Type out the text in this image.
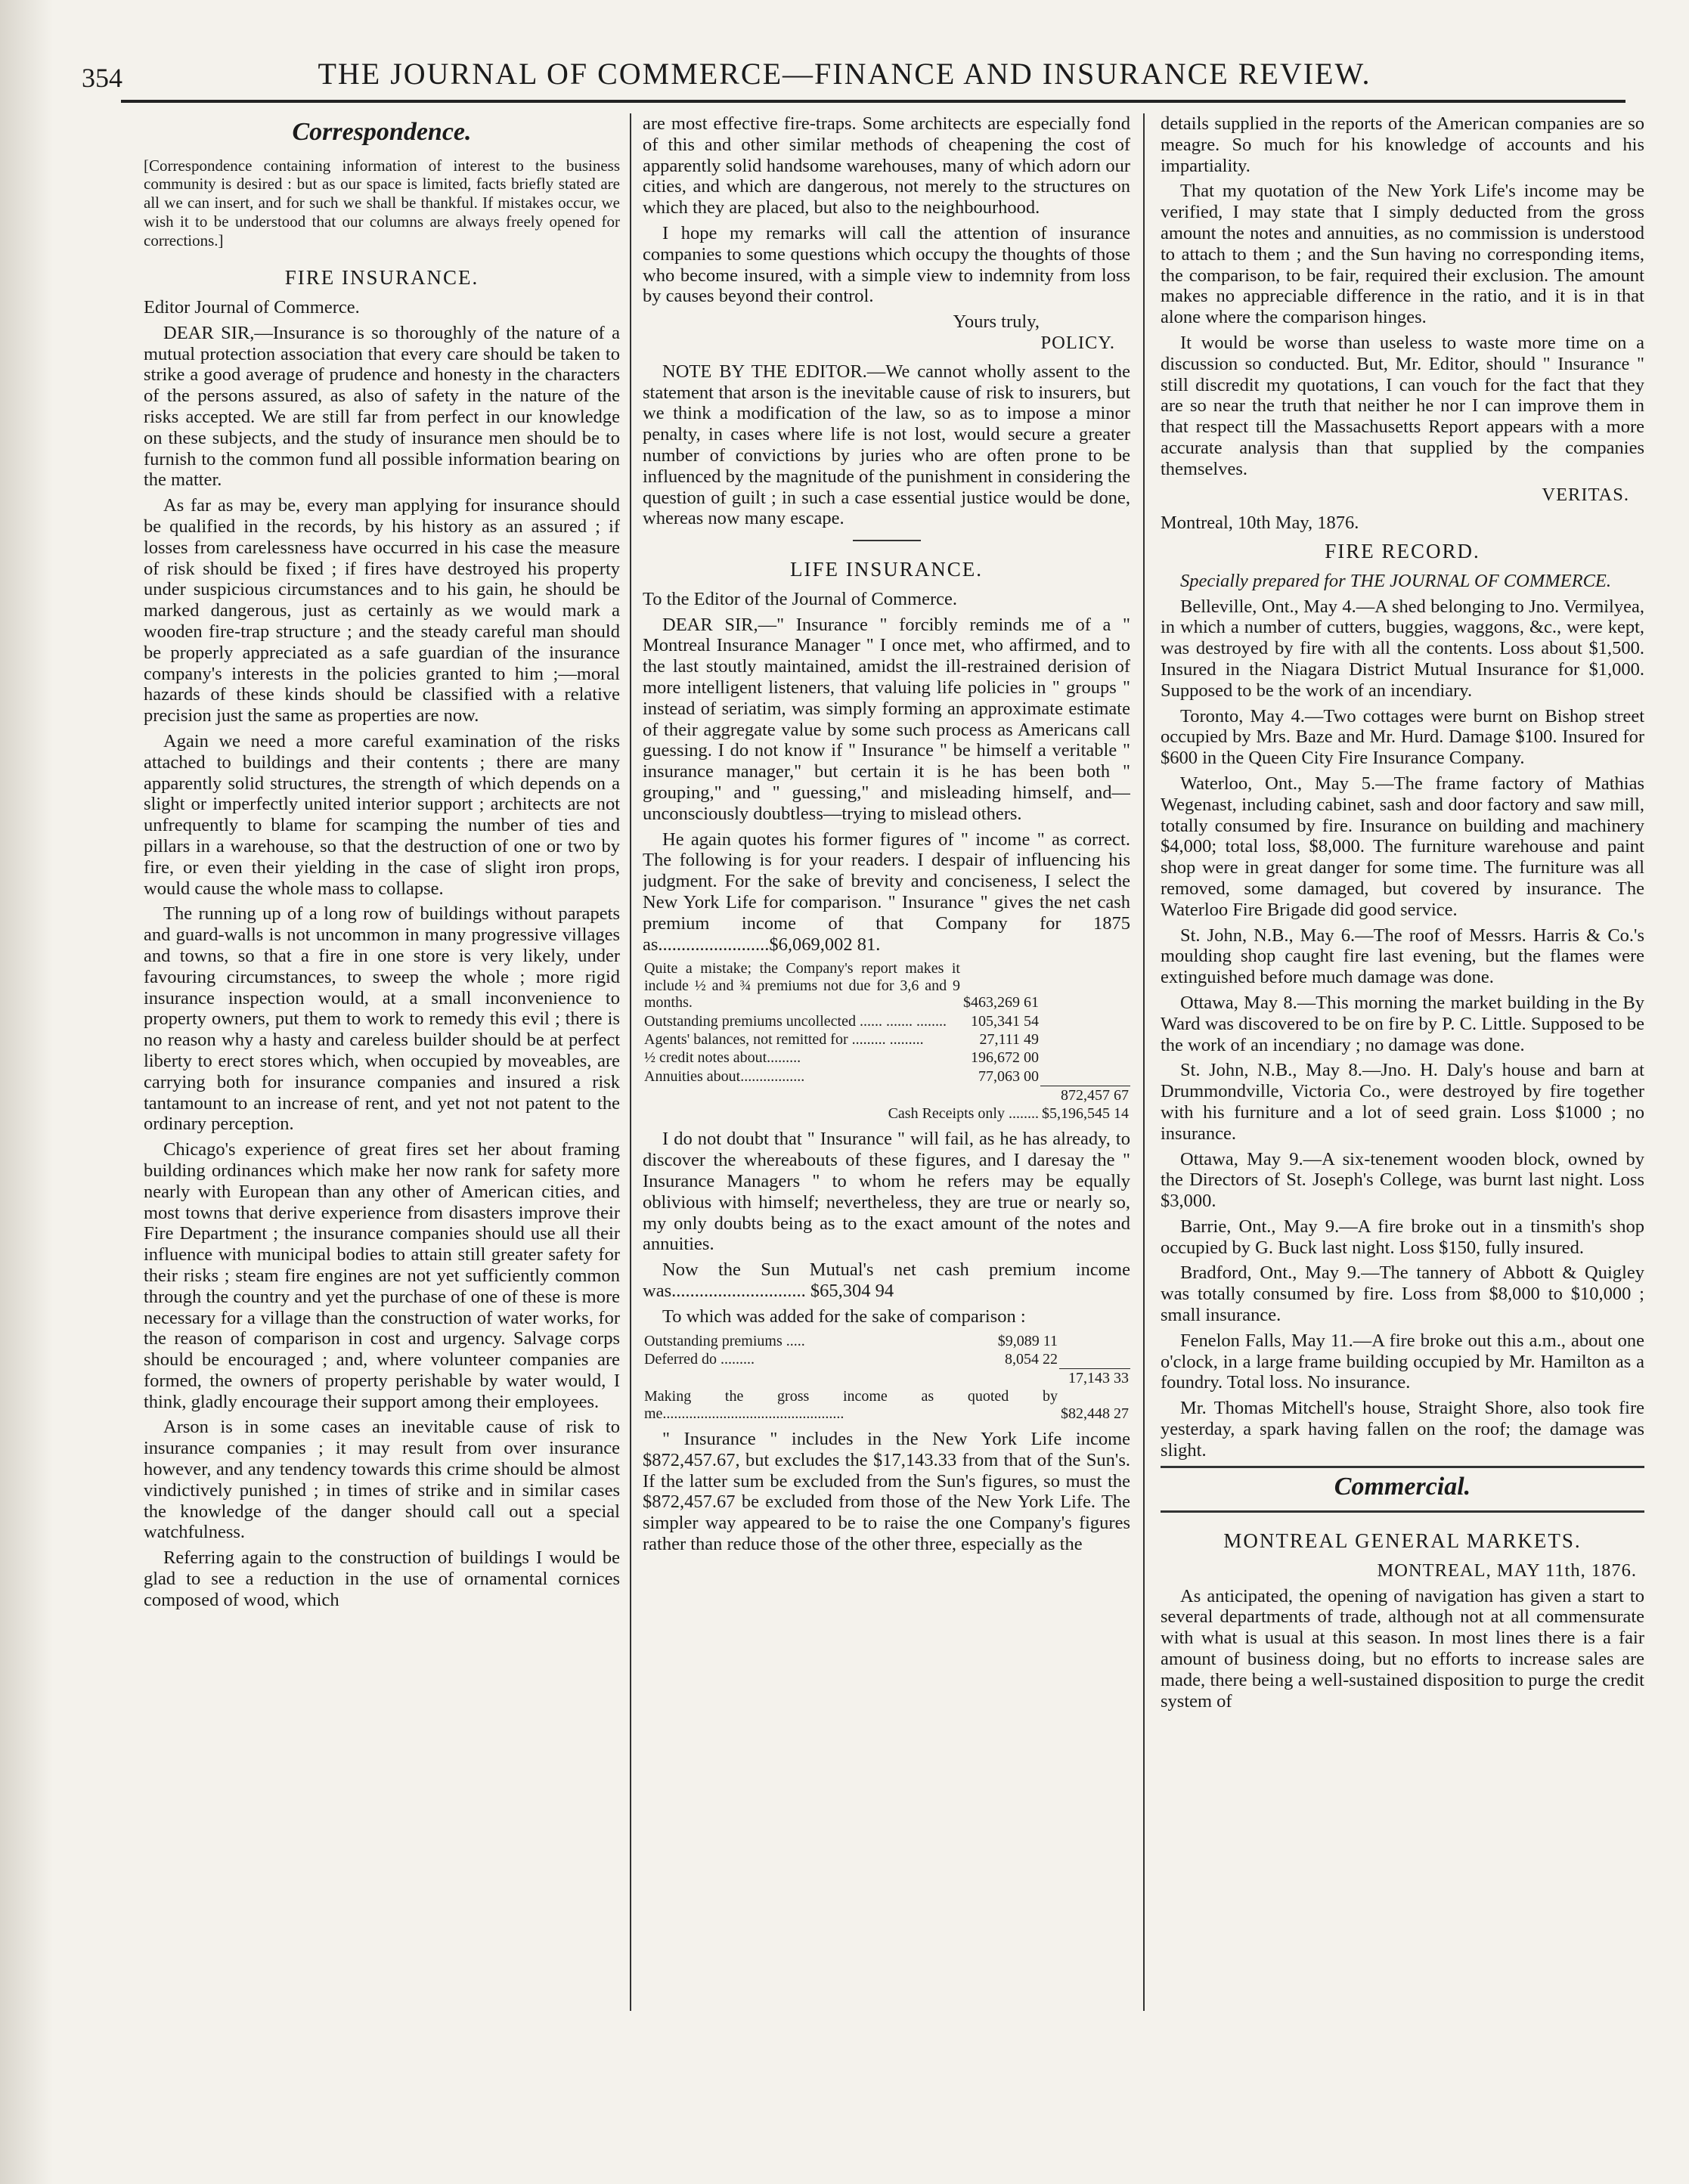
354	THE JOURNAL OF COMMERCE—FINANCE AND INSURANCE REVIEW.
Correspondence.
[Correspondence containing information of interest to the business community is desired : but as our space is limited, facts briefly stated are all we can insert, and for such we shall be thankful. If mistakes occur, we wish it to be understood that our columns are always freely opened for corrections.]
FIRE INSURANCE.

Editor Journal of Commerce.

DEAR SIR,—Insurance is so thoroughly of the nature of a mutual protection association that every care should be taken to strike a good average of prudence and honesty in the characters of the persons assured, as also of safety in the nature of the risks accepted. We are still far from perfect in our knowledge on these subjects, and the study of insurance men should be to furnish to the common fund all possible information bearing on the matter.

As far as may be, every man applying for insurance should be qualified in the records, by his history as an assured ; if losses from carelessness have occurred in his case the measure of risk should be fixed ; if fires have destroyed his property under suspicious circumstances and to his gain, he should be marked dangerous, just as certainly as we would mark a wooden fire-trap structure ; and the steady careful man should be properly appreciated as a safe guardian of the insurance company's interests in the policies granted to him ;—moral hazards of these kinds should be classified with a relative precision just the same as properties are now.

Again we need a more careful examination of the risks attached to buildings and their contents ; there are many apparently solid structures, the strength of which depends on a slight or imperfectly united interior support ; architects are not unfrequently to blame for scamping the number of ties and pillars in a warehouse, so that the destruction of one or two by fire, or even their yielding in the case of slight iron props, would cause the whole mass to collapse.

The running up of a long row of buildings without parapets and guard-walls is not uncommon in many progressive villages and towns, so that a fire in one store is very likely, under favouring circumstances, to sweep the whole ; more rigid insurance inspection would, at a small inconvenience to property owners, put them to work to remedy this evil ; there is no reason why a hasty and careless builder should be at perfect liberty to erect stores which, when occupied by moveables, are carrying both for insurance companies and insured a risk tantamount to an increase of rent, and yet not not patent to the ordinary perception.

Chicago's experience of great fires set her about framing building ordinances which make her now rank for safety more nearly with European than any other of American cities, and most towns that derive experience from disasters improve their Fire Department ; the insurance companies should use all their influence with municipal bodies to attain still greater safety for their risks ; steam fire engines are not yet sufficiently common through the country and yet the purchase of one of these is more necessary for a village than the construction of water works, for the reason of comparison in cost and urgency. Salvage corps should be encouraged ; and, where volunteer companies are formed, the owners of property perishable by water would, I think, gladly encourage their support among their employees.

Arson is in some cases an inevitable cause of risk to insurance companies ; it may result from over insurance however, and any tendency towards this crime should be almost vindictively punished ; in times of strike and in similar cases the knowledge of the danger should call out a special watchfulness.

Referring again to the construction of buildings I would be glad to see a reduction in the use of ornamental cornices composed of wood, which

are most effective fire-traps. Some architects are especially fond of this and other similar methods of cheapening the cost of apparently solid handsome warehouses, many of which adorn our cities, and which are dangerous, not merely to the structures on which they are placed, but also to the neighbourhood.

I hope my remarks will call the attention of insurance companies to some questions which occupy the thoughts of those who become insured, with a simple view to indemnity from loss by causes beyond their control.

Yours truly,
POLICY.

NOTE BY THE EDITOR.—We cannot wholly assent to the statement that arson is the inevitable cause of risk to insurers, but we think a modification of the law, so as to impose a minor penalty, in cases where life is not lost, would secure a greater number of convictions by juries who are often prone to be influenced by the magnitude of the punishment in considering the question of guilt ; in such a case essential justice would be done, whereas now many escape.

LIFE INSURANCE.

To the Editor of the Journal of Commerce.

DEAR SIR,—" Insurance " forcibly reminds me of a " Montreal Insurance Manager " I once met, who affirmed, and to the last stoutly maintained, amidst the ill-restrained derision of more intelligent listeners, that valuing life policies in " groups " instead of seriatim, was simply forming an approximate estimate of their aggregate value by some such process as Americans call guessing. I do not know if " Insurance " be himself a veritable " insurance manager," but certain it is he has been both " grouping," and " guessing," and misleading himself, and—unconsciously doubtless—trying to mislead others.

He again quotes his former figures of " income " as correct. The following is for your readers. I despair of influencing his judgment. For the sake of brevity and conciseness, I select the New York Life for comparison. " Insurance " gives the net cash premium income of that Company for 1875 as........................$6,069,002 81.

Quite a mistake; the Company's report makes it include ½ and ¾ premiums not due for 3,6 and 9 months.	$463,269 61	
Outstanding premiums uncollected ...... ....... ........	105,341 54	
Agents' balances, not remitted for ......... .........	27,111 49	
½ credit notes about.........	196,672 00	
Annuities about.................	77,063 00	
		872,457 67
Cash Receipts only ........		$5,196,545 14

I do not doubt that " Insurance " will fail, as he has already, to discover the whereabouts of these figures, and I daresay the " Insurance Managers " to whom he refers may be equally oblivious with himself; nevertheless, they are true or nearly so, my only doubts being as to the exact amount of the notes and annuities.

Now the Sun Mutual's net cash premium income was............................. $65,304 94

To which was added for the sake of comparison :

Outstanding premiums .....	$9,089 11	
Deferred do .........	8,054 22	
		17,143 33
Making the gross income as quoted by me................................................		$82,448 27

" Insurance " includes in the New York Life income $872,457.67, but excludes the $17,143.33 from that of the Sun's. If the latter sum be excluded from the Sun's figures, so must the $872,457.67 be excluded from those of the New York Life. The simpler way appeared to be to raise the one Company's figures rather than reduce those of the other three, especially as the

details supplied in the reports of the American companies are so meagre. So much for his knowledge of accounts and his impartiality.

That my quotation of the New York Life's income may be verified, I may state that I simply deducted from the gross amount the notes and annuities, as no commission is understood to attach to them ; and the Sun having no corresponding items, the comparison, to be fair, required their exclusion. The amount makes no appreciable difference in the ratio, and it is in that alone where the comparison hinges.

It would be worse than useless to waste more time on a discussion so conducted. But, Mr. Editor, should " Insurance " still discredit my quotations, I can vouch for the fact that they are so near the truth that neither he nor I can improve them in that respect till the Massachusetts Report appears with a more accurate analysis than that supplied by the companies themselves.

VERITAS.

Montreal, 10th May, 1876.

FIRE RECORD.

Specially prepared for THE JOURNAL OF COMMERCE.

Belleville, Ont., May 4.—A shed belonging to Jno. Vermilyea, in which a number of cutters, buggies, waggons, &c., were kept, was destroyed by fire with all the contents. Loss about $1,500. Insured in the Niagara District Mutual Insurance for $1,000. Supposed to be the work of an incendiary.

Toronto, May 4.—Two cottages were burnt on Bishop street occupied by Mrs. Baze and Mr. Hurd. Damage $100. Insured for $600 in the Queen City Fire Insurance Company.

Waterloo, Ont., May 5.—The frame factory of Mathias Wegenast, including cabinet, sash and door factory and saw mill, totally consumed by fire. Insurance on building and machinery $4,000; total loss, $8,000. The furniture warehouse and paint shop were in great danger for some time. The furniture was all removed, some damaged, but covered by insurance. The Waterloo Fire Brigade did good service.

St. John, N.B., May 6.—The roof of Messrs. Harris & Co.'s moulding shop caught fire last evening, but the flames were extinguished before much damage was done.

Ottawa, May 8.—This morning the market building in the By Ward was discovered to be on fire by P. C. Little. Supposed to be the work of an incendiary ; no damage was done.

St. John, N.B., May 8.—Jno. H. Daly's house and barn at Drummondville, Victoria Co., were destroyed by fire together with his furniture and a lot of seed grain. Loss $1000 ; no insurance.

Ottawa, May 9.—A six-tenement wooden block, owned by the Directors of St. Joseph's College, was burnt last night. Loss $3,000.

Barrie, Ont., May 9.—A fire broke out in a tinsmith's shop occupied by G. Buck last night. Loss $150, fully insured.

Bradford, Ont., May 9.—The tannery of Abbott & Quigley was totally consumed by fire. Loss from $8,000 to $10,000 ; small insurance.

Fenelon Falls, May 11.—A fire broke out this a.m., about one o'clock, in a large frame building occupied by Mr. Hamilton as a foundry. Total loss. No insurance.

Mr. Thomas Mitchell's house, Straight Shore, also took fire yesterday, a spark having fallen on the roof; the damage was slight.

Commercial.
MONTREAL GENERAL MARKETS.
MONTREAL, MAY 11th, 1876.

As anticipated, the opening of navigation has given a start to several departments of trade, although not at all commensurate with what is usual at this season. In most lines there is a fair amount of business doing, but no efforts to increase sales are made, there being a well-sustained disposition to purge the credit system of
